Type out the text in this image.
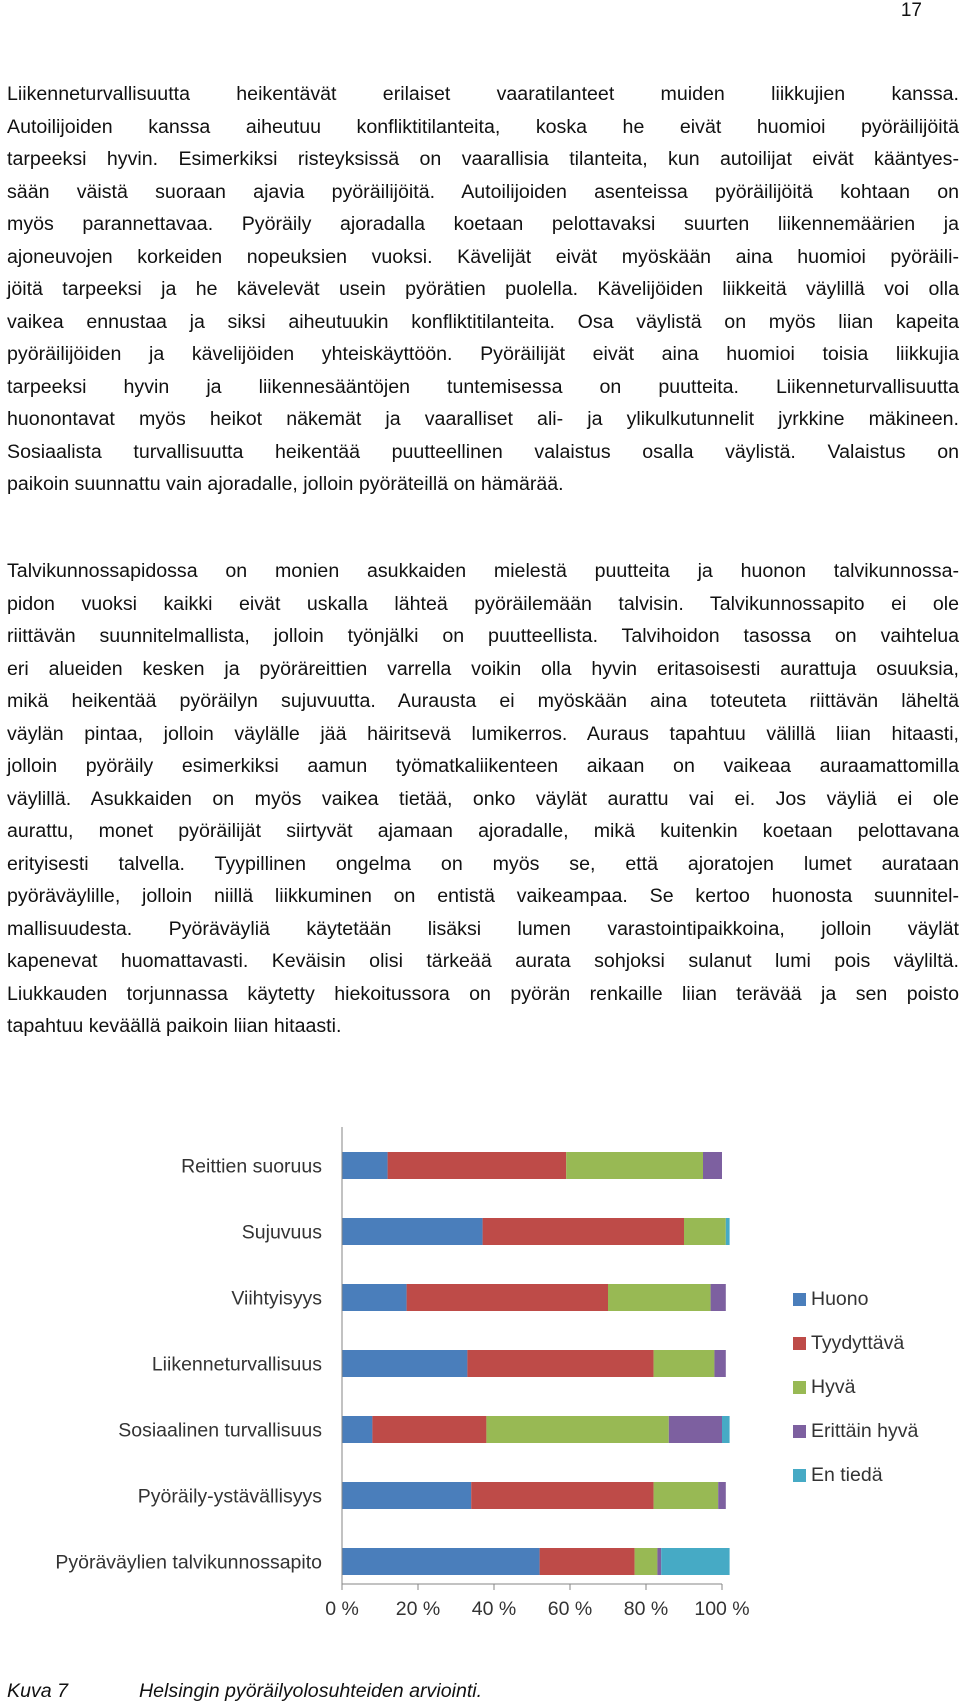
17
Liikenneturvallisuutta heikentävät erilaiset vaaratilanteet muiden liikkujien kanssa.
Autoilijoiden kanssa aiheutuu konfliktitilanteita, koska he eivät huomioi pyöräilijöitä
tarpeeksi hyvin. Esimerkiksi risteyksissä on vaarallisia tilanteita, kun autoilijat eivät kääntyes-
sään väistä suoraan ajavia pyöräilijöitä. Autoilijoiden asenteissa pyöräilijöitä kohtaan on
myös parannettavaa. Pyöräily ajoradalla koetaan pelottavaksi suurten liikennemäärien ja
ajoneuvojen korkeiden nopeuksien vuoksi. Kävelijät eivät myöskään aina huomioi pyöräili-
jöitä tarpeeksi ja he kävelevät usein pyörätien puolella. Kävelijöiden liikkeitä väylillä voi olla
vaikea ennustaa ja siksi aiheutuukin konfliktitilanteita. Osa väylistä on myös liian kapeita
pyöräilijöiden ja kävelijöiden yhteiskäyttöön. Pyöräilijät eivät aina huomioi toisia liikkujia
tarpeeksi hyvin ja liikennesääntöjen tuntemisessa on puutteita. Liikenneturvallisuutta
huonontavat myös heikot näkemät ja vaaralliset ali- ja ylikulkutunnelit jyrkkine mäkineen.
Sosiaalista turvallisuutta heikentää puutteellinen valaistus osalla väylistä. Valaistus on
paikoin suunnattu vain ajoradalle, jolloin pyöräteillä on hämärää.
Talvikunnossapidossa on monien asukkaiden mielestä puutteita ja huonon talvikunnossa-
pidon vuoksi kaikki eivät uskalla lähteä pyöräilemään talvisin. Talvikunnossapito ei ole
riittävän suunnitelmallista, jolloin työnjälki on puutteellista. Talvihoidon tasossa on vaihtelua
eri alueiden kesken ja pyöräreittien varrella voikin olla hyvin eritasoisesti aurattuja osuuksia,
mikä heikentää pyöräilyn sujuvuutta. Aurausta ei myöskään aina toteuteta riittävän läheltä
väylän pintaa, jolloin väylälle jää häiritsevä lumikerros. Auraus tapahtuu välillä liian hitaasti,
jolloin pyöräily esimerkiksi aamun työmatkaliikenteen aikaan on vaikeaa auraamattomilla
väylillä. Asukkaiden on myös vaikea tietää, onko väylät aurattu vai ei. Jos väyliä ei ole
aurattu, monet pyöräilijät siirtyvät ajamaan ajoradalle, mikä kuitenkin koetaan pelottavana
erityisesti talvella. Tyypillinen ongelma on myös se, että ajoratojen lumet aurataan
pyöräväylille, jolloin niillä liikkuminen on entistä vaikeampaa. Se kertoo huonosta suunnitel-
mallisuudesta. Pyöräväyliä käytetään lisäksi lumen varastointipaikkoina, jolloin väylät
kapenevat huomattavasti. Keväisin olisi tärkeää aurata sohjoksi sulanut lumi pois väyliltä.
Liukkauden torjunnassa käytetty hiekoitussora on pyörän renkaille liian terävää ja sen poisto
tapahtuu keväällä paikoin liian hitaasti.
Reittien suoruus
Sujuvuus
Viihtyisyys
Liikenneturvallisuus
Sosiaalinen turvallisuus
Pyöräily-ystävällisyys
Pyöräväylien talvikunnossapito
0 % 20 % 40 % 60 % 80 % 100 %
Huono
Tyydyttävä
Hyvä
Erittäin hyvä
En tiedä
Kuva 7	Helsingin pyöräilyolosuhteiden arviointi.
